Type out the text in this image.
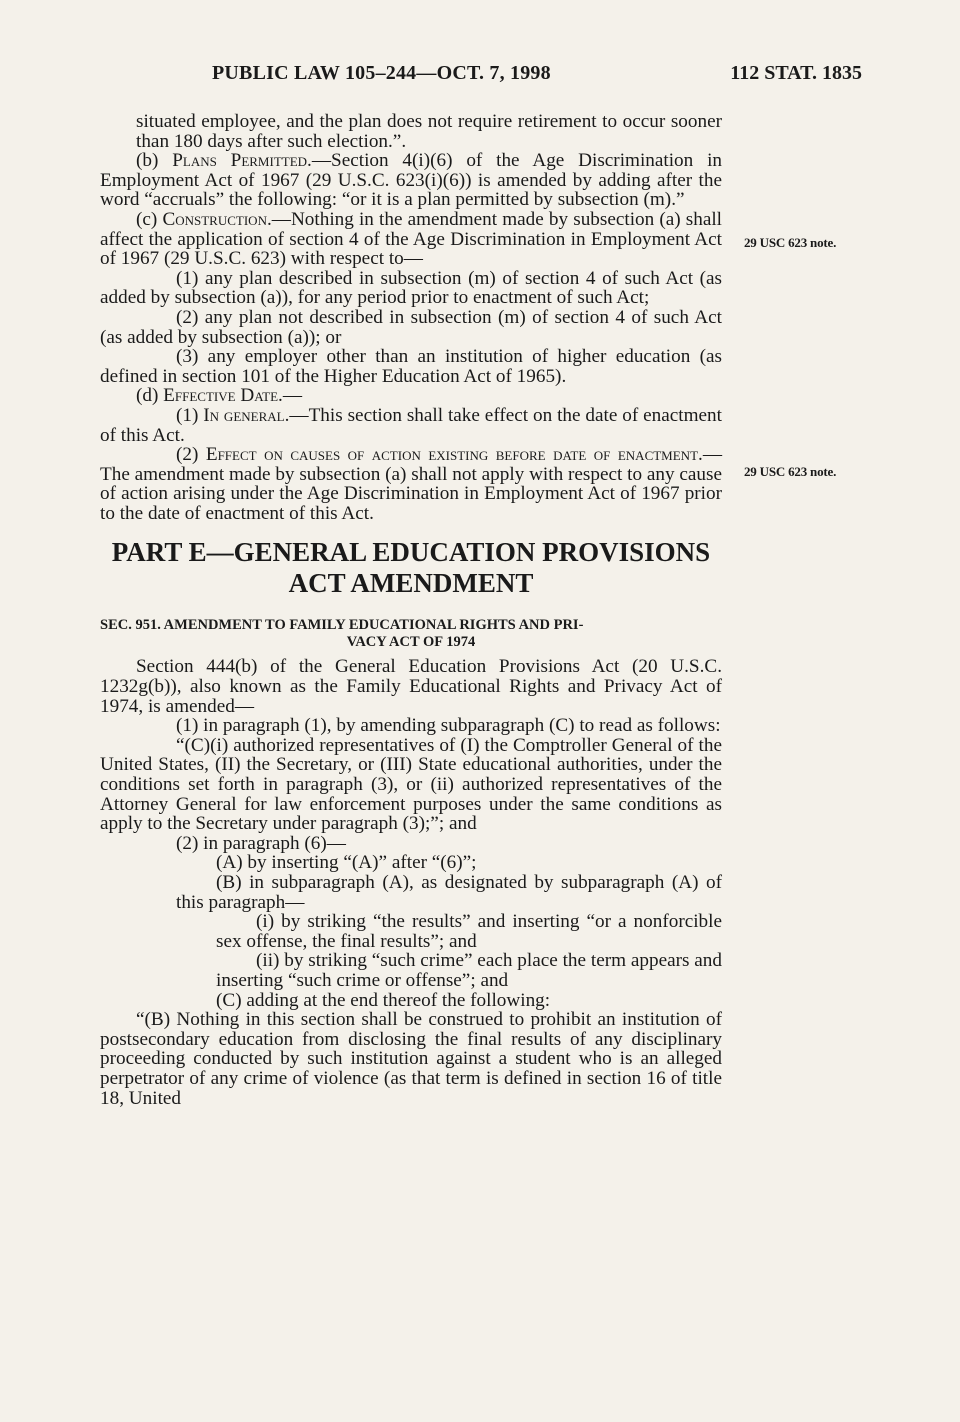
PUBLIC LAW 105–244—OCT. 7, 1998	112 STAT. 1835
29 USC 623 note.
29 USC 623 note.

situated employee, and the plan does not require retirement to occur sooner than 180 days after such election.”.

(b) Plans Permitted.—Section 4(i)(6) of the Age Discrimination in Employment Act of 1967 (29 U.S.C. 623(i)(6)) is amended by adding after the word “accruals” the following: “or it is a plan permitted by subsection (m).”

(c) Construction.—Nothing in the amendment made by subsection (a) shall affect the application of section 4 of the Age Discrimination in Employment Act of 1967 (29 U.S.C. 623) with respect to—

(1) any plan described in subsection (m) of section 4 of such Act (as added by subsection (a)), for any period prior to enactment of such Act;

(2) any plan not described in subsection (m) of section 4 of such Act (as added by subsection (a)); or

(3) any employer other than an institution of higher education (as defined in section 101 of the Higher Education Act of 1965).

(d) Effective Date.—

(1) In general.—This section shall take effect on the date of enactment of this Act.

(2) Effect on causes of action existing before date of enactment.—The amendment made by subsection (a) shall not apply with respect to any cause of action arising under the Age Discrimination in Employment Act of 1967 prior to the date of enactment of this Act.

PART E—GENERAL EDUCATION PROVISIONS
ACT AMENDMENT

SEC. 951. AMENDMENT TO FAMILY EDUCATIONAL RIGHTS AND PRI-
VACY ACT OF 1974

Section 444(b) of the General Education Provisions Act (20 U.S.C. 1232g(b)), also known as the Family Educational Rights and Privacy Act of 1974, is amended—

(1) in paragraph (1), by amending subparagraph (C) to read as follows:

“(C)(i) authorized representatives of (I) the Comptroller General of the United States, (II) the Secretary, or (III) State educational authorities, under the conditions set forth in paragraph (3), or (ii) authorized representatives of the Attorney General for law enforcement purposes under the same conditions as apply to the Secretary under paragraph (3);”; and

(2) in paragraph (6)—

(A) by inserting “(A)” after “(6)”;

(B) in subparagraph (A), as designated by subparagraph (A) of this paragraph—

(i) by striking “the results” and inserting “or a nonforcible sex offense, the final results”; and

(ii) by striking “such crime” each place the term appears and inserting “such crime or offense”; and

(C) adding at the end thereof the following:

“(B) Nothing in this section shall be construed to prohibit an institution of postsecondary education from disclosing the final results of any disciplinary proceeding conducted by such institution against a student who is an alleged perpetrator of any crime of violence (as that term is defined in section 16 of title 18, United
